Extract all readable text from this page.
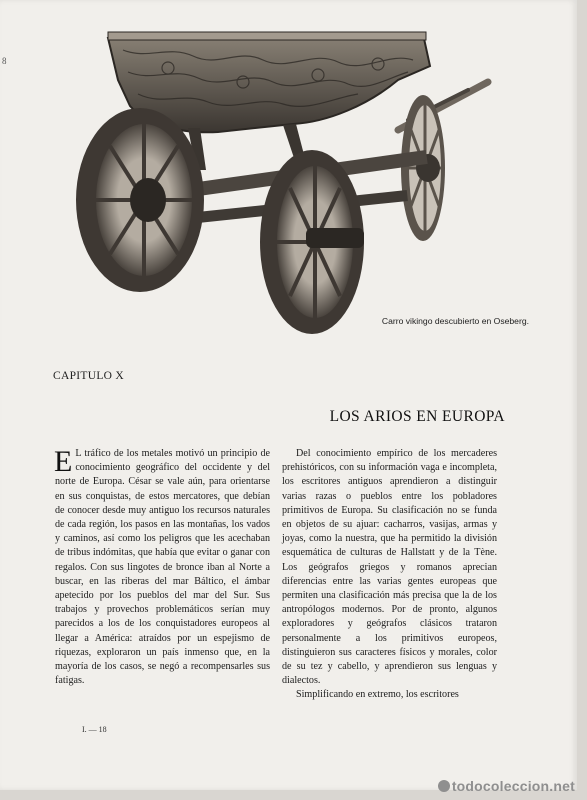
8
Carro vikingo descubierto en Oseberg.
CAPITULO X
LOS ARIOS EN EUROPA

E L tráfico de los metales motivó un principio de conocimiento geográfico del occidente y del norte de Europa. César se vale aún, para orientarse en sus conquistas, de estos mercatores, que debían de conocer desde muy antiguo los recursos naturales de cada región, los pasos en las montañas, los vados y caminos, así como los peligros que les acechaban de tribus indómitas, que había que evitar o ganar con regalos. Con sus lingotes de bronce iban al Norte a buscar, en las riberas del mar Báltico, el ámbar apetecido por los pueblos del mar del Sur. Sus trabajos y provechos problemáticos serían muy parecidos a los de los conquistadores europeos al llegar a América: atraídos por un espejismo de riquezas, exploraron un país inmenso que, en la mayoría de los casos, se negó a recompensarles sus fatigas.

Del conocimiento empírico de los mercaderes prehistóricos, con su información vaga e incompleta, los escritores antiguos aprendieron a distinguir varias razas o pueblos entre los pobladores primitivos de Europa. Su clasificación no se funda en objetos de su ajuar: cacharros, vasijas, armas y joyas, como la nuestra, que ha permitido la división esquemática de culturas de Hallstatt y de la Tène. Los geógrafos griegos y romanos aprecian diferencias entre las varias gentes europeas que permiten una clasificación más precisa que la de los antropólogos modernos. Por de pronto, algunos exploradores y geógrafos clásicos trataron personalmente a los primitivos europeos, distinguieron sus caracteres físicos y morales, color de su tez y cabello, y aprendieron sus lenguas y dialectos.

Simplificando en extremo, los escritores

I. — 18
todocoleccion.net
